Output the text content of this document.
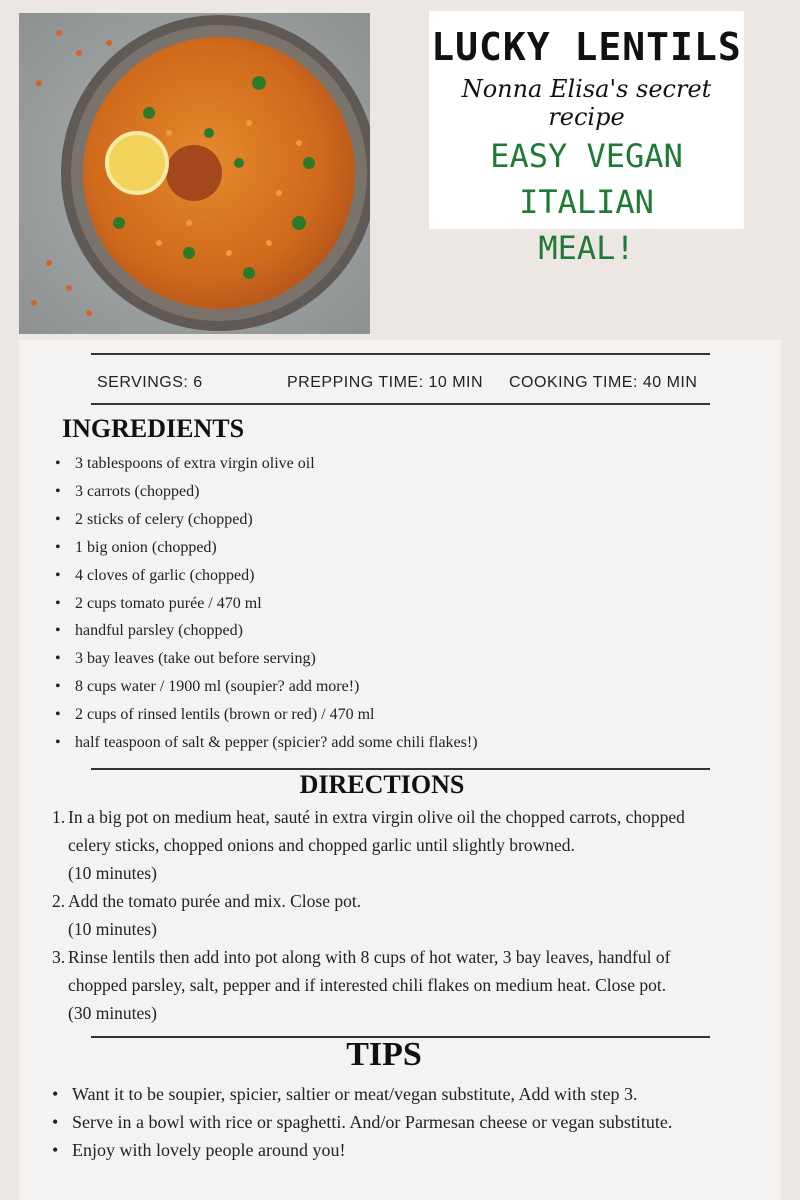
LUCKY LENTILS
Nonna Elisa's secret recipe
EASY VEGAN ITALIAN
MEAL!
SERVINGS: 6	PREPPING TIME: 10 MIN COOKING TIME: 40 MIN
INGREDIENTS
• 3 tablespoons of extra virgin olive oil
• 3 carrots (chopped)
• 2 sticks of celery (chopped)
• 1 big onion (chopped)
• 4 cloves of garlic (chopped)
• 2 cups tomato purée / 470 ml
• handful parsley (chopped)
• 3 bay leaves (take out before serving)
• 8 cups water / 1900 ml (soupier? add more!)
• 2 cups of rinsed lentils (brown or red) / 470 ml
• half teaspoon of salt & pepper (spicier? add some chili flakes!)
DIRECTIONS
In a big pot on medium heat, sauté in extra virgin olive oil the chopped carrots, chopped
celery sticks, chopped onions and chopped garlic until slightly browned.
(10 minutes)
Add the tomato purée and mix. Close pot.
(10 minutes)
Rinse lentils then add into pot along with 8 cups of hot water, 3 bay leaves, handful of
chopped parsley, salt, pepper and if interested chili flakes on medium heat. Close pot.
(30 minutes)
TIPS
• Want it to be soupier, spicier, saltier or meat/vegan substitute, Add with step 3.
• Serve in a bowl with rice or spaghetti. And/or Parmesan cheese or vegan substitute.
• Enjoy with lovely people around you!
